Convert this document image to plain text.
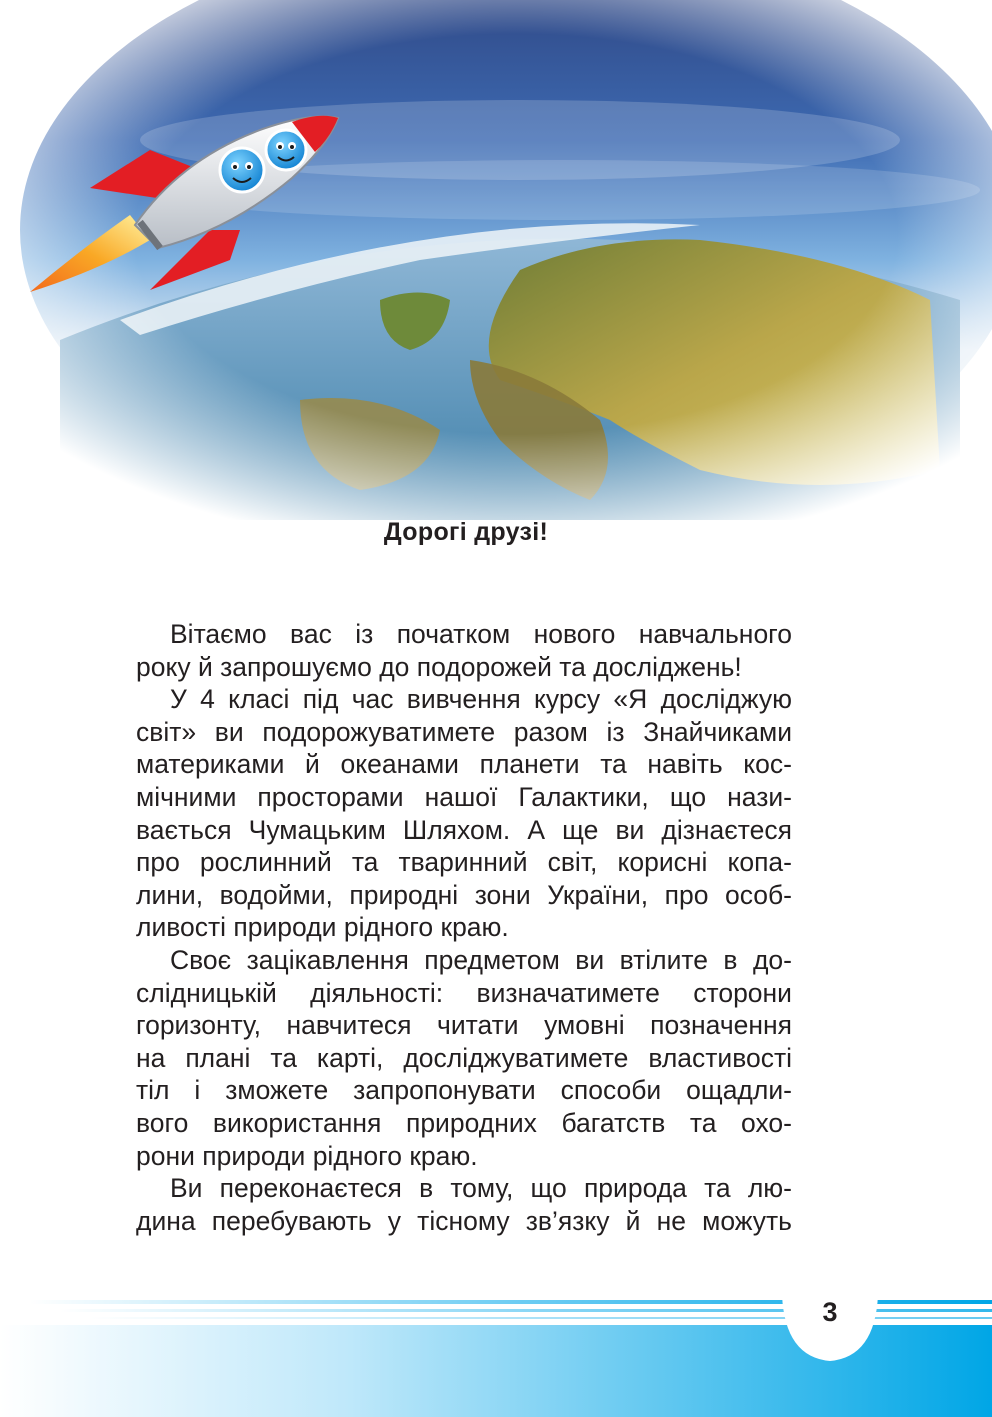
Дорогі друзі!
Вітаємо вас із початком нового навчального
року й запрошуємо до подорожей та досліджень!
У 4 класі під час вивчення курсу «Я досліджую
світ» ви подорожуватимете разом із Знайчиками
материками й океанами планети та навіть кос-
мічними просторами нашої Галактики, що нази-
вається Чумацьким Шляхом. А ще ви дізнаєтеся
про рослинний та тваринний світ, корисні копа-
лини, водойми, природні зони України, про особ-
ливості природи рідного краю.
Своє зацікавлення предметом ви втілите в до-
слідницькій діяльності: визначатимете сторони
горизонту, навчитеся читати умовні позначення
на плані та карті, досліджуватимете властивості
тіл і зможете запропонувати способи ощадли-
вого використання природних багатств та охо-
рони природи рідного краю.
Ви переконаєтеся в тому, що природа та лю-
дина перебувають у тісному зв’язку й не можуть
3
